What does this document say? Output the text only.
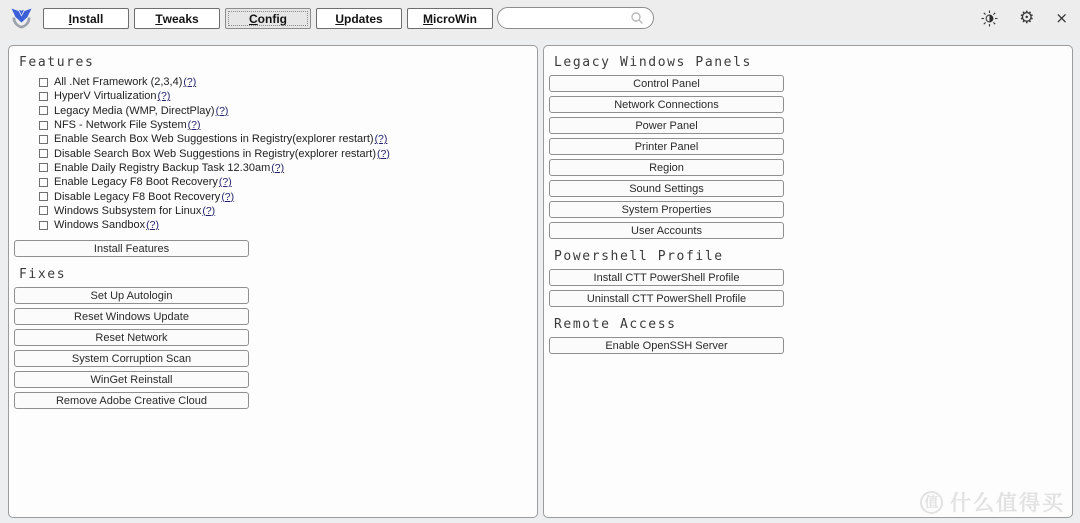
I nstall	T weaks	C onfig	U pdates	M icroWin	⚙ ×
Features
All .Net Framework (2,3,4) (?)
HyperV Virtualization (?)
Legacy Media (WMP, DirectPlay) (?)
NFS - Network File System (?)
Enable Search Box Web Suggestions in Registry(explorer restart) (?)
Disable Search Box Web Suggestions in Registry(explorer restart) (?)
Enable Daily Registry Backup Task 12.30am (?)
Enable Legacy F8 Boot Recovery (?)
Disable Legacy F8 Boot Recovery (?)
Windows Subsystem for Linux (?)
Windows Sandbox (?)
Install Features
Fixes
Set Up Autologin
Reset Windows Update
Reset Network
System Corruption Scan
WinGet Reinstall
Remove Adobe Creative Cloud
Legacy Windows Panels
Control Panel
Network Connections
Power Panel
Printer Panel
Region
Sound Settings
System Properties
User Accounts
Powershell Profile
Install CTT PowerShell Profile
Uninstall CTT PowerShell Profile
Remote Access
Enable OpenSSH Server
值 什么值得买
